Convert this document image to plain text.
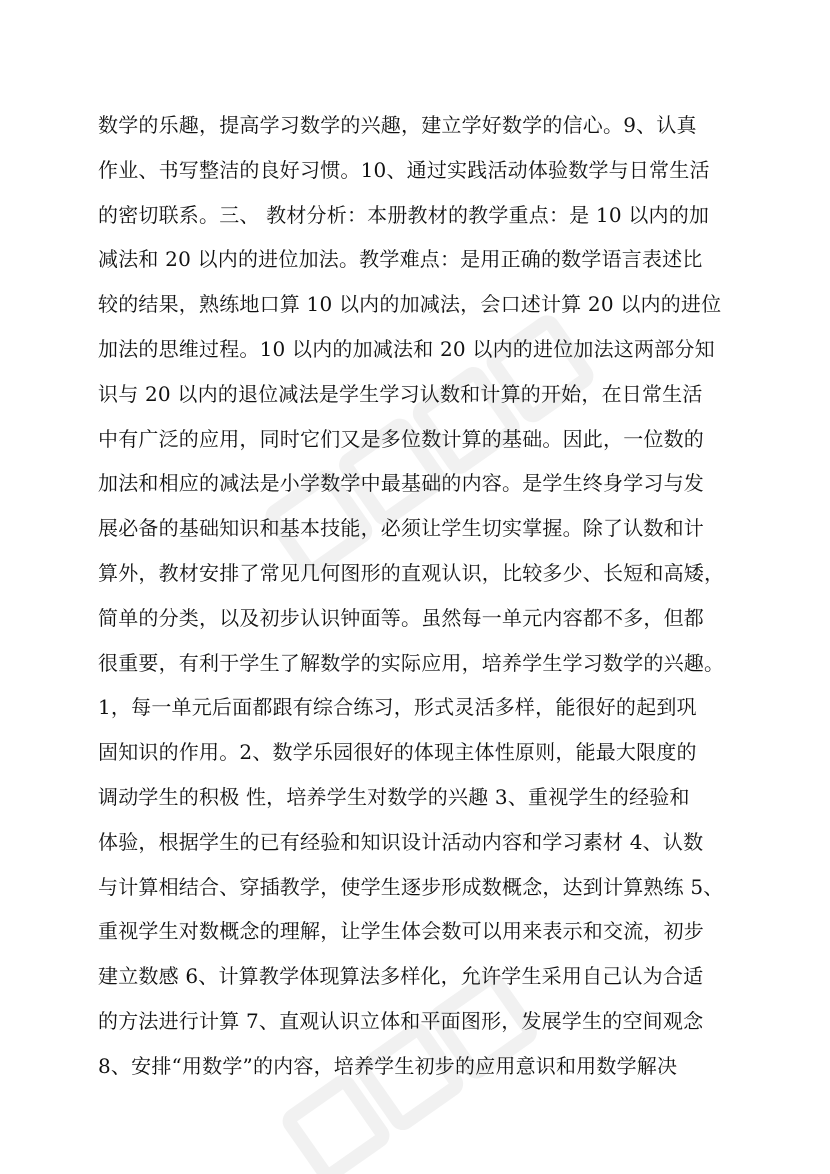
数学的乐趣，提高学习数学的兴趣，建立学好数学的信心。9、认真
作业、书写整洁的良好习惯。10、通过实践活动体验数学与日常生活
的密切联系。三、 教材分析：本册教材的教学重点：是 10 以内的加
减法和 20 以内的进位加法。教学难点：是用正确的数学语言表述比
较的结果，熟练地口算 10 以内的加减法，会口述计算 20 以内的进位
加法的思维过程。10 以内的加减法和 20 以内的进位加法这两部分知
识与 20 以内的退位减法是学生学习认数和计算的开始，在日常生活
中有广泛的应用，同时它们又是多位数计算的基础。因此，一位数的
加法和相应的减法是小学数学中最基础的内容。是学生终身学习与发
展必备的基础知识和基本技能，必须让学生切实掌握。除了认数和计
算外，教材安排了常见几何图形的直观认识，比较多少、长短和高矮，
简单的分类，以及初步认识钟面等。虽然每一单元内容都不多，但都
很重要，有利于学生了解数学的实际应用，培养学生学习数学的兴趣。
1，每一单元后面都跟有综合练习，形式灵活多样，能很好的起到巩
固知识的作用。2、数学乐园很好的体现主体性原则，能最大限度的
调动学生的积极 性，培养学生对数学的兴趣 3、重视学生的经验和
体验，根据学生的已有经验和知识设计活动内容和学习素材 4、认数
与计算相结合、穿插教学，使学生逐步形成数概念，达到计算熟练 5、
重视学生对数概念的理解，让学生体会数可以用来表示和交流，初步
建立数感 6、计算教学体现算法多样化，允许学生采用自己认为合适
的方法进行计算 7、直观认识立体和平面图形，发展学生的空间观念
8、安排“用数学”的内容，培养学生初步的应用意识和用数学解决
